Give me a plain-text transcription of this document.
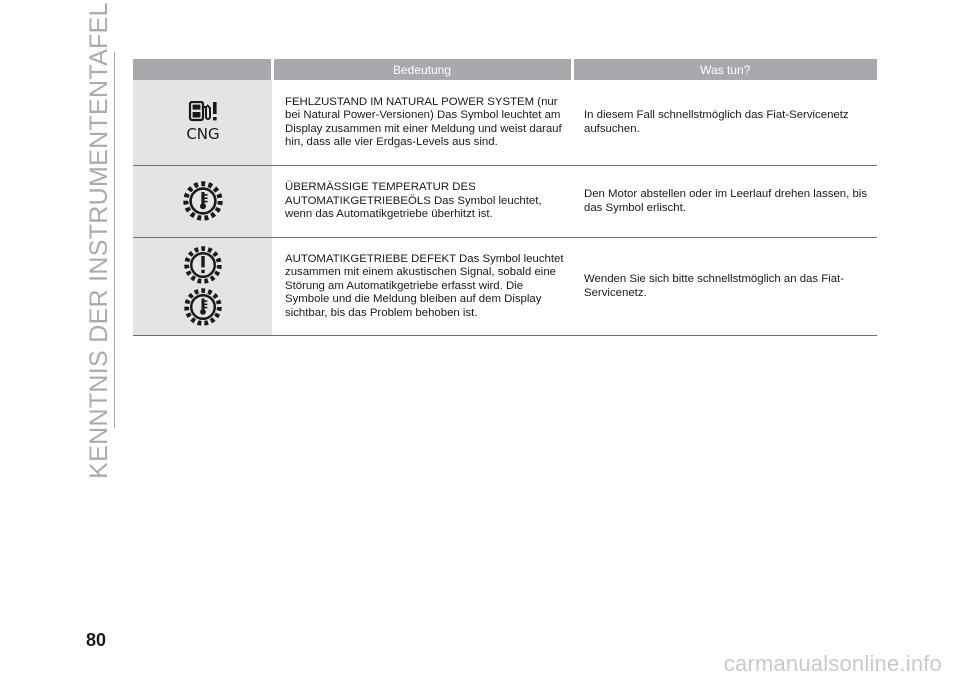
KENNTNIS DER INSTRUMENTENTAFEL
		Bedeutung	Was tun?

CNG	FEHLZUSTAND IM NATURAL POWER SYSTEM (nur bei Natural Power-Versionen) Das Symbol leuchtet am Display zusammen mit einer Meldung und weist darauf hin, dass alle vier Erdgas-Levels aus sind.	In diesem Fall schnellstmöglich das Fiat-Servicenetz aufsuchen.

	ÜBERMÄSSIGE TEMPERATUR DES AUTOMATIKGETRIEBEÖLS Das Symbol leuchtet, wenn das Automatikgetriebe überhitzt ist.	Den Motor abstellen oder im Leerlauf drehen lassen, bis das Symbol erlischt.

	AUTOMATIKGETRIEBE DEFEKT Das Symbol leuchtet zusammen mit einem akustischen Signal, sobald eine Störung am Automatikgetriebe erfasst wird. Die Symbole und die Meldung bleiben auf dem Display sichtbar, bis das Problem behoben ist.	Wenden Sie sich bitte schnellstmöglich an das Fiat-Servicenetz.
80
carmanualsonline.info
